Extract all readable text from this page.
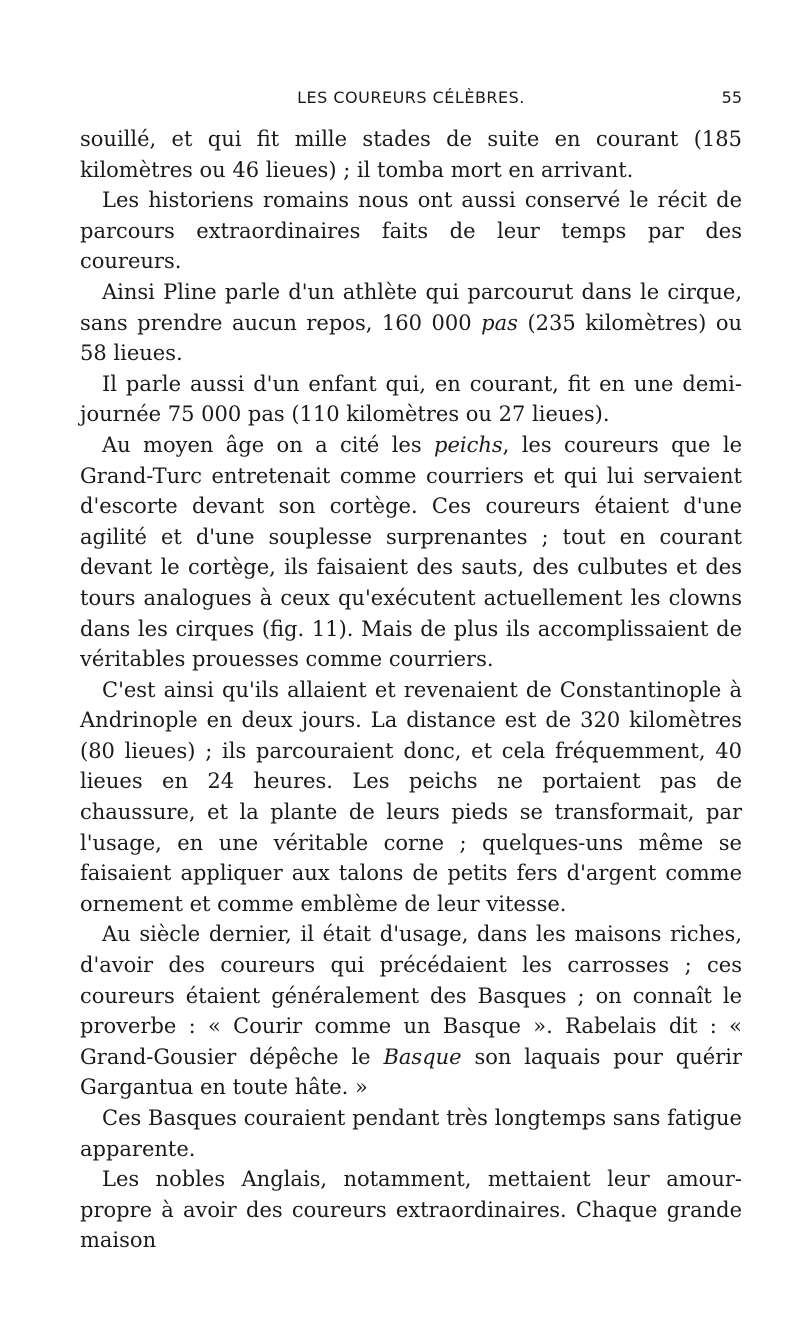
LES COUREURS CÉLÈBRES.	55

souillé, et qui fit mille stades de suite en courant (185 kilomètres ou 46 lieues) ; il tomba mort en arrivant.

Les historiens romains nous ont aussi conservé le récit de parcours extraordinaires faits de leur temps par des coureurs.

Ainsi Pline parle d'un athlète qui parcourut dans le cirque, sans prendre aucun repos, 160 000 pas (235 kilomètres) ou 58 lieues.

Il parle aussi d'un enfant qui, en courant, fit en une demi-journée 75 000 pas (110 kilomètres ou 27 lieues).

Au moyen âge on a cité les peichs, les coureurs que le Grand-Turc entretenait comme courriers et qui lui servaient d'escorte devant son cortège. Ces coureurs étaient d'une agilité et d'une souplesse surprenantes ; tout en courant devant le cortège, ils faisaient des sauts, des culbutes et des tours analogues à ceux qu'exécutent actuellement les clowns dans les cirques (fig. 11). Mais de plus ils accomplissaient de véritables prouesses comme courriers.

C'est ainsi qu'ils allaient et revenaient de Constantinople à Andrinople en deux jours. La distance est de 320 kilomètres (80 lieues) ; ils parcouraient donc, et cela fréquemment, 40 lieues en 24 heures. Les peichs ne portaient pas de chaussure, et la plante de leurs pieds se transformait, par l'usage, en une véritable corne ; quelques-uns même se faisaient appliquer aux talons de petits fers d'argent comme ornement et comme emblème de leur vitesse.

Au siècle dernier, il était d'usage, dans les maisons riches, d'avoir des coureurs qui précédaient les carrosses ; ces coureurs étaient généralement des Basques ; on connaît le proverbe : « Courir comme un Basque ». Rabelais dit : « Grand-Gousier dépêche le Basque son laquais pour quérir Gargantua en toute hâte. »

Ces Basques couraient pendant très longtemps sans fatigue apparente.

Les nobles Anglais, notamment, mettaient leur amour-propre à avoir des coureurs extraordinaires. Chaque grande maison
